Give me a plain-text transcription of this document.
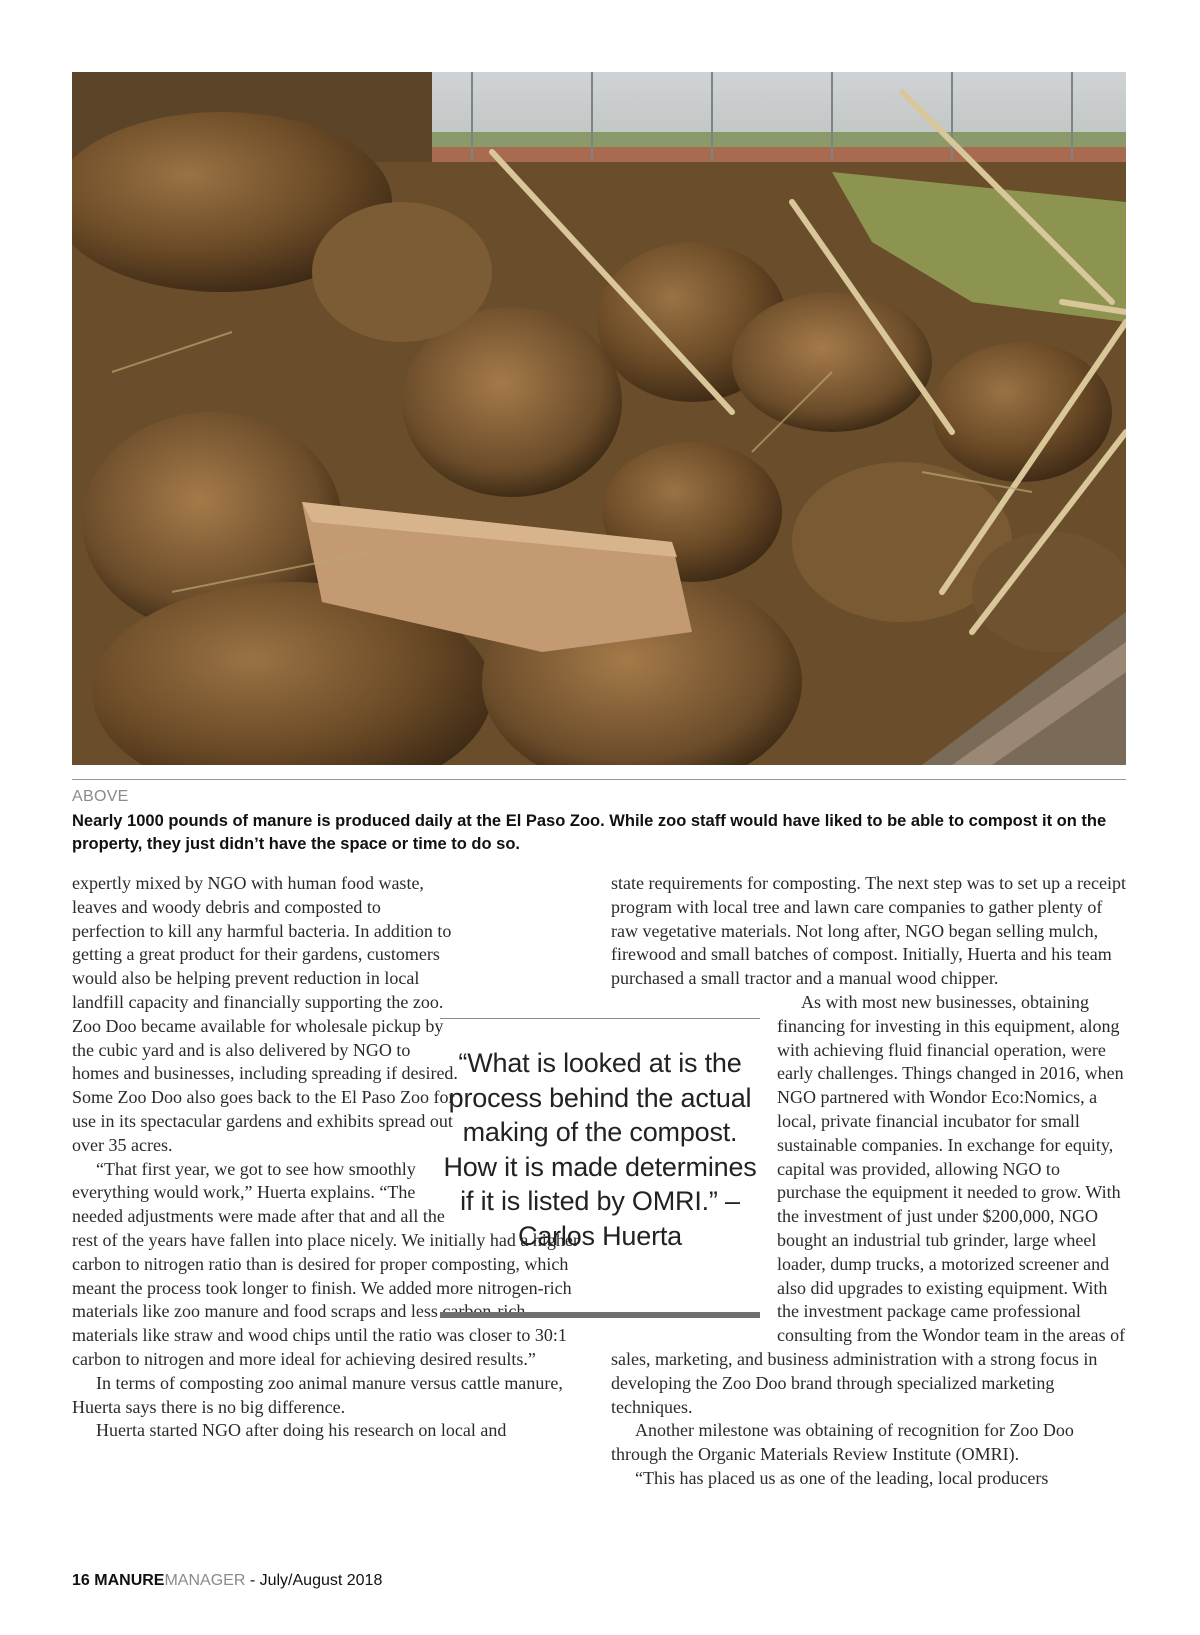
ABOVE
Nearly 1000 pounds of manure is produced daily at the El Paso Zoo. While zoo staff would have liked to be able to compost it on the property, they just didn’t have the space or time to do so.

expertly mixed by NGO with human food waste, leaves and woody debris and composted to perfection to kill any harmful bacteria. In addition to getting a great product for their gardens, customers would also be helping prevent reduction in local landfill capacity and financially supporting the zoo. Zoo Doo became available for wholesale pickup by the cubic yard and is also delivered by NGO to homes and businesses, including spreading if desired. Some Zoo Doo also goes back to the El Paso Zoo for use in its spectacular gardens and exhibits spread out over 35 acres.

“That first year, we got to see how smoothly everything would work,” Huerta explains. “The needed adjustments were made after that and all the rest of the years have fallen into place nicely. We initially had a higher carbon to nitrogen ratio than is desired for proper composting, which meant the process took longer to finish. We added more nitrogen-rich materials like zoo manure and food scraps and less carbon-rich materials like straw and wood chips until the ratio was closer to 30:1 carbon to nitrogen and more ideal for achieving desired results.”

In terms of composting zoo animal manure versus cattle manure, Huerta says there is no big difference.

Huerta started NGO after doing his research on local and

state requirements for composting. The next step was to set up a receipt program with local tree and lawn care companies to gather plenty of raw vegetative materials. Not long after, NGO began selling mulch, firewood and small batches of compost. Initially, Huerta and his team purchased a small tractor and a manual wood chipper.

As with most new businesses, obtaining financing for investing in this equipment, along with achieving fluid financial operation, were early challenges. Things changed in 2016, when NGO partnered with Wondor Eco:Nomics, a local, private financial incubator for small sustainable companies. In exchange for equity, capital was provided, allowing NGO to purchase the equipment it needed to grow. With the investment of just under $200,000, NGO bought an industrial tub grinder, large wheel loader, dump trucks, a motorized screener and also did upgrades to existing equipment. With the investment package came professional consulting from the Wondor team in the areas of sales, marketing, and business administration with a strong focus in developing the Zoo Doo brand through specialized marketing techniques.

Another milestone was obtaining of recognition for Zoo Doo through the Organic Materials Review Institute (OMRI).

“This has placed us as one of the leading, local producers

“What is looked at is the process behind the actual making of the compost. How it is made determines if it is listed by OMRI.” – Carlos Huerta
16 MANUREMANAGER - July/August 2018
